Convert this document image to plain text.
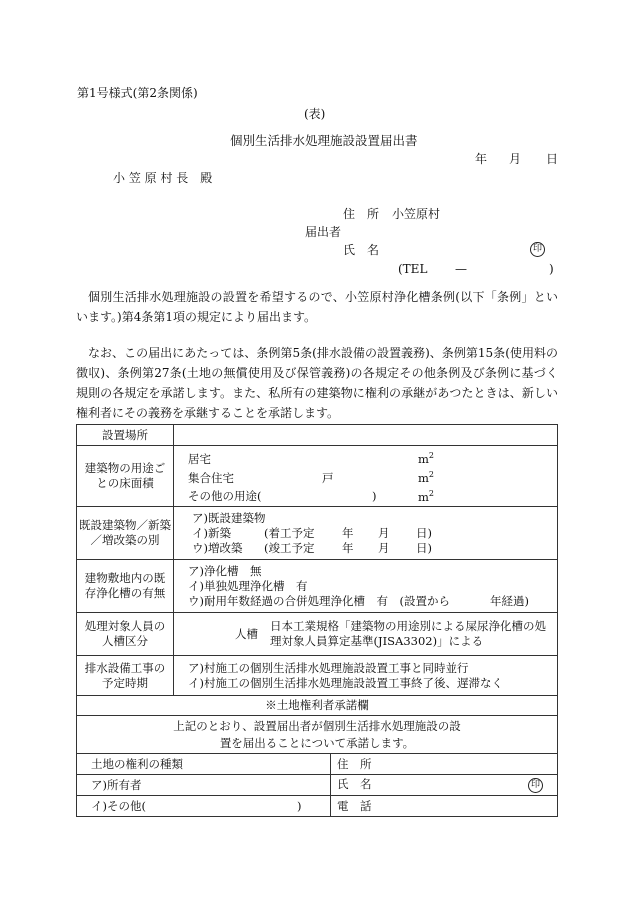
第1号様式(第2条関係)
(表)
個別生活排水処理施設設置届出書
年 月 日
小 笠 原 村 長　殿
住　所 小笠原村
届出者
氏　名	印
(TEL —	)
個別生活排水処理施設の設置を希望するので、小笠原村浄化槽条例(以下「条例」といいます。)第4条第1項の規定により届出ます。
なお、この届出にあたっては、条例第5条(排水設備の設置義務)、条例第15条(使用料の徴収)、条例第27条(土地の無償使用及び保管義務)の各規定その他条例及び条例に基づく規則の各規定を承諾します。また、私所有の建築物に権利の承継があつたときは、新しい権利者にその義務を承継することを承諾します。
設置場所		
建築物の用途ごとの床面積	居宅 $m^2$
集合住宅 戸 $m^2$
その他の用途( ) $m^2$

既設建築物／新築／増改築の別	ア)既設建築物
イ)新築 (着工予定 年 月 日)
ウ)増改築 (竣工予定 年 月 日)	

建物敷地内の既存浄化槽の有無	ア)浄化槽　無
イ)単独処理浄化槽　有
ウ)耐用年数経過の合併処理浄化槽　有　(設置から 年経過)	

処理対象人員の人槽区分	人槽
日本工業規格「建築物の用途別による屎尿浄化槽の処
理対象人員算定基準(JISA3302)」による	

排水設備工事の予定時期	ア)村施工の個別生活排水処理施設設置工事と同時並行
イ)村施工の個別生活排水処理施設設置工事終了後、遅滞なく	

※土地権利者承諾欄		

上記のとおり、設置届出者が個別生活排水処理施設の設
置を届出ることについて承諾します。		

土地の権利の種類		住　所
ア)所有者		氏　名 印

イ)その他( )		電　話
